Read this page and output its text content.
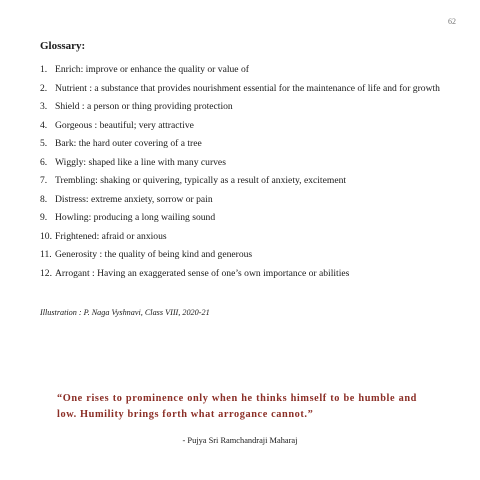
62
Glossary:
1. Enrich: improve or enhance the quality or value of
2. Nutrient : a substance that provides nourishment essential for the maintenance of life and for growth
3. Shield : a person or thing providing protection
4. Gorgeous : beautiful; very attractive
5. Bark: the hard outer covering of a tree
6. Wiggly: shaped like a line with many curves
7. Trembling: shaking or quivering, typically as a result of anxiety, excitement
8. Distress: extreme anxiety, sorrow or pain
9. Howling: producing a long wailing sound
10. Frightened: afraid or anxious
11. Generosity : the quality of being kind and generous
12. Arrogant : Having an exaggerated sense of one’s own importance or abilities
Illustration : P. Naga Vyshnavi, Class VIII, 2020-21

“One rises to prominence only when he thinks himself to be humble and low. Humility brings forth what arrogance cannot.”

- Pujya Sri Ramchandraji Maharaj
